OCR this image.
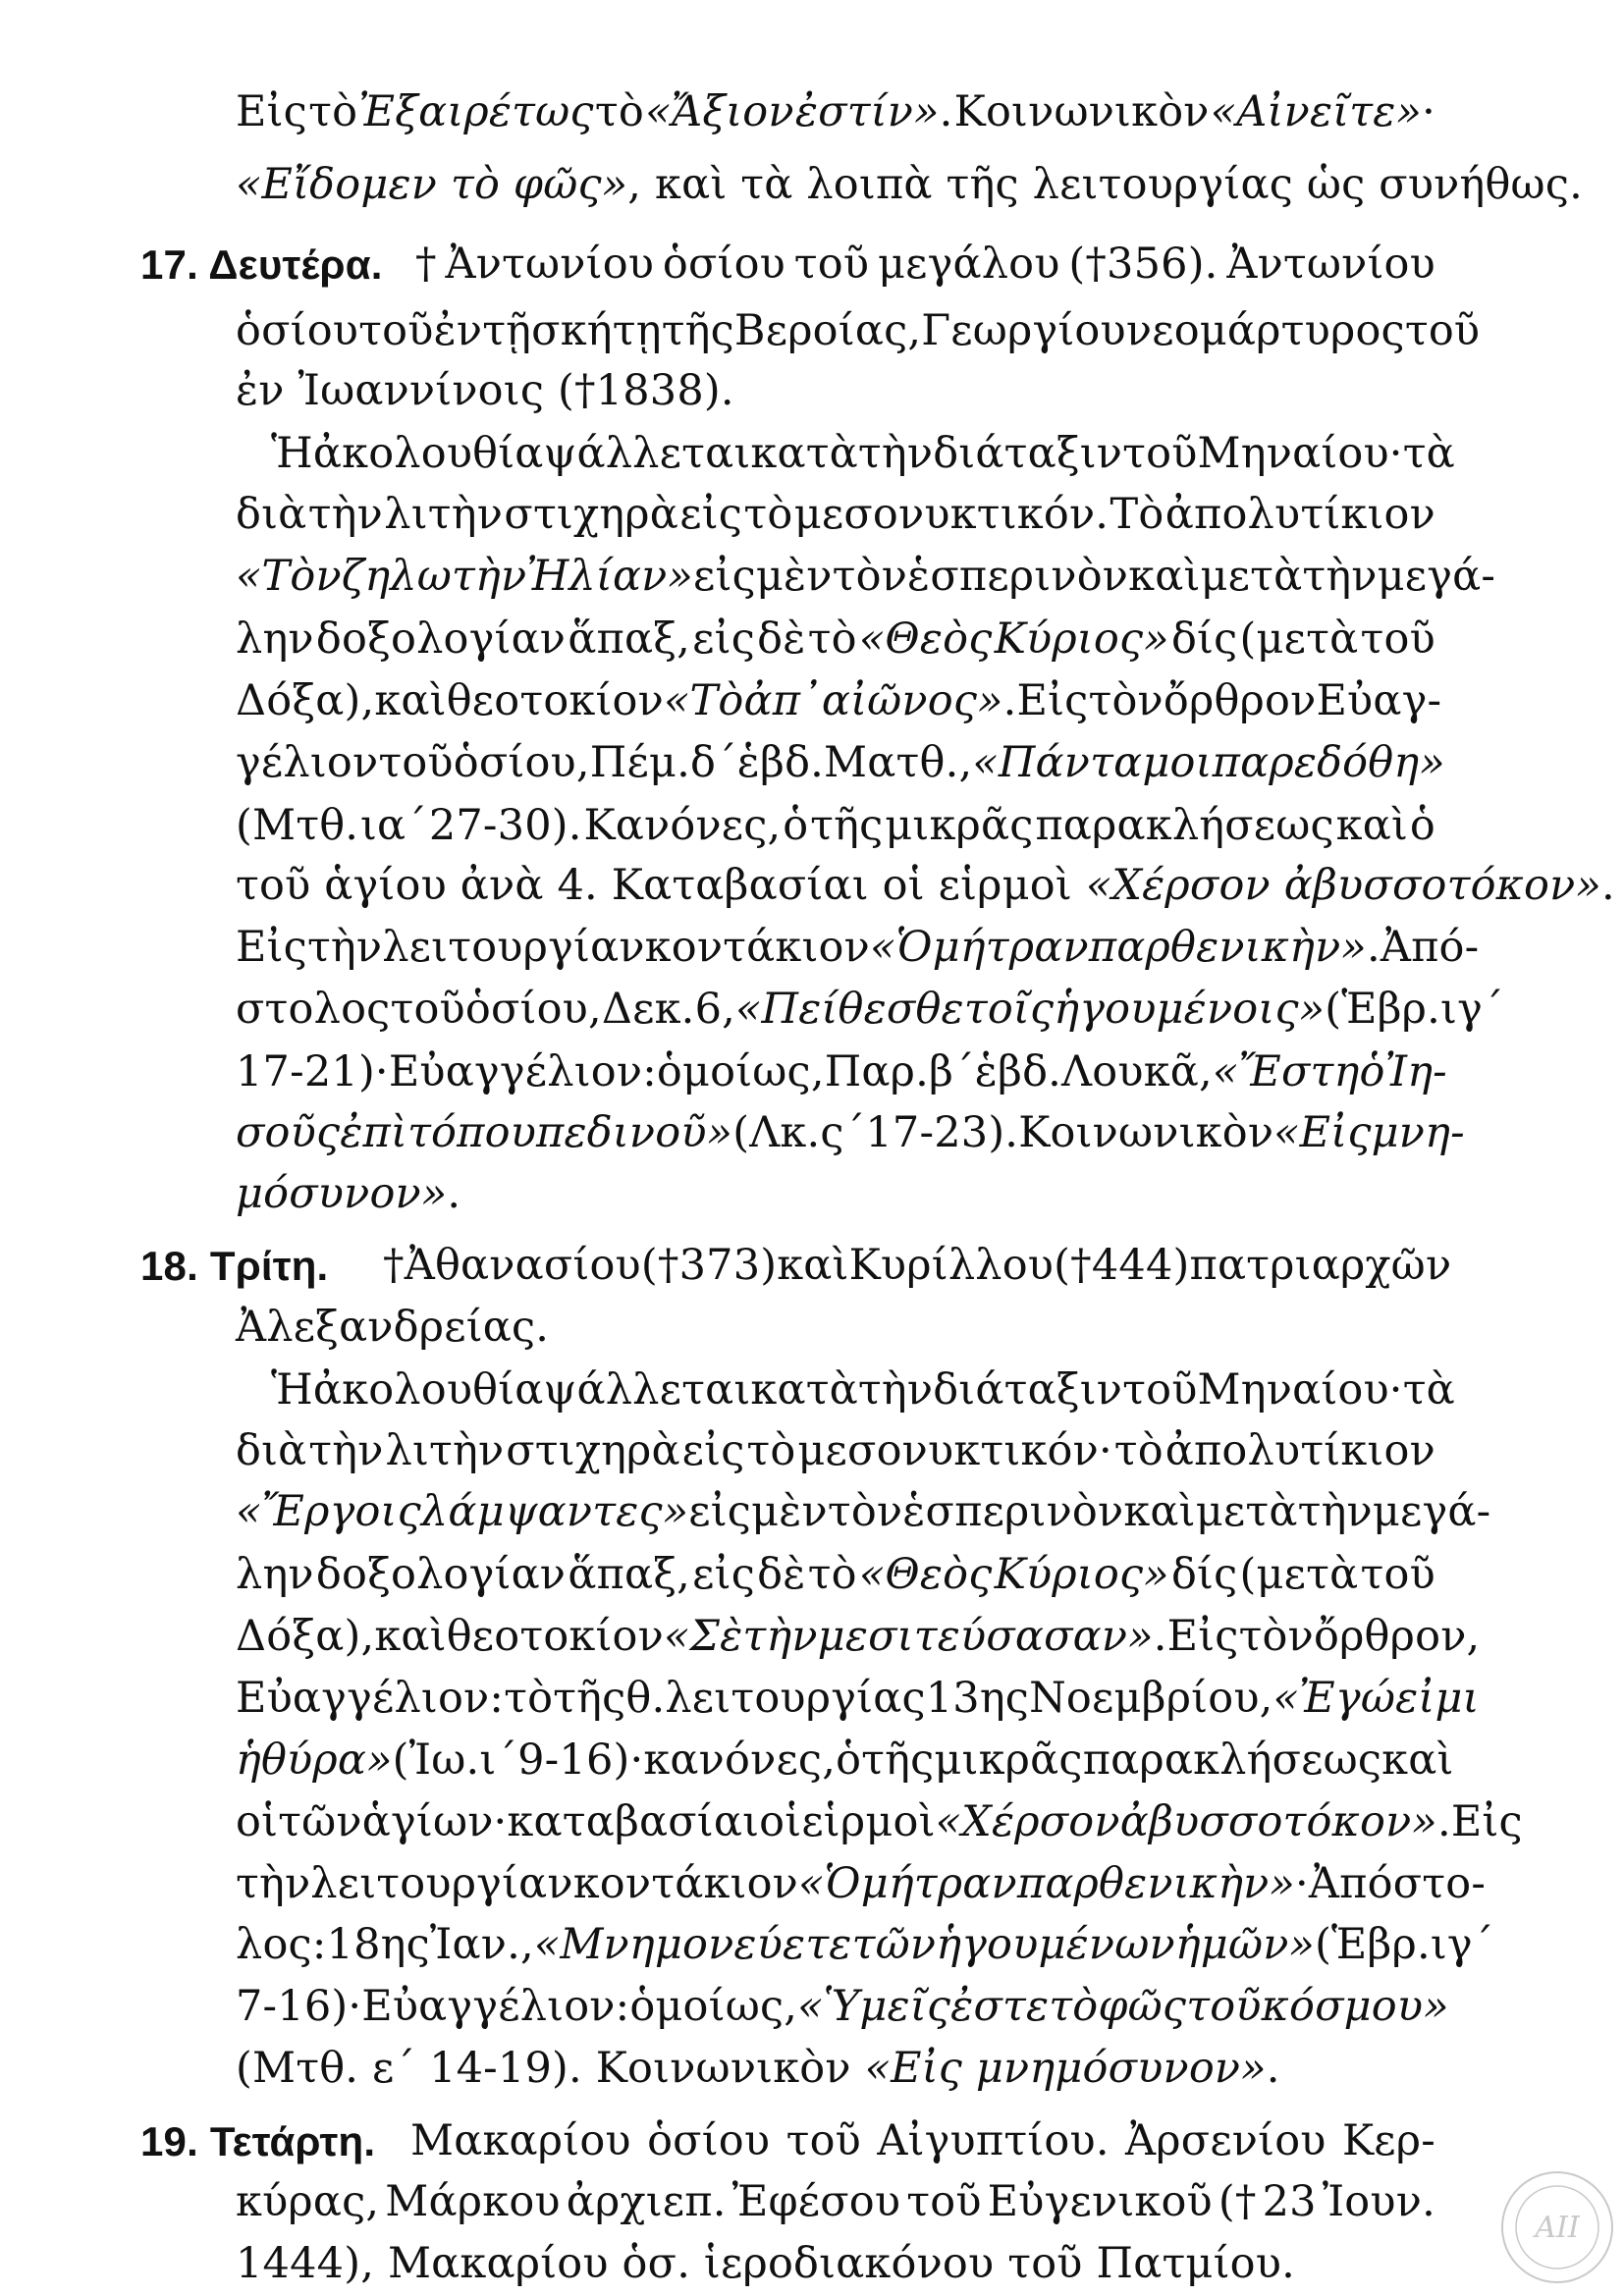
Εἰς τὸ Ἐξαιρέτως τὸ «Ἄξιον ἐστίν». Κοινωνικὸν «Αἰνεῖτε»·
«Εἴδομεν τὸ φῶς», καὶ τὰ λοιπὰ τῆς λειτουργίας ὡς συνήθως.
17. Δευτέρα. † Ἀντωνίου ὁσίου τοῦ μεγάλου (†356). Ἀντωνίου
ὁσίου τοῦ ἐν τῇ σκήτῃ τῆς Βεροίας, Γεωργίου νεομάρτυρος τοῦ
ἐν Ἰωαννίνοις (†1838).
Ἡ ἀκολουθία ψάλλεται κατὰ τὴν διάταξιν τοῦ Μηναίου· τὰ
διὰ τὴν λιτὴν στιχηρὰ εἰς τὸ μεσονυκτικόν. Τὸ ἀπολυτίκιον
«Τὸν ζηλωτὴν Ἠλίαν» εἰς μὲν τὸν ἑσπερινὸν καὶ μετὰ τὴν μεγά-
λην δοξολογίαν ἅπαξ, εἰς δὲ τὸ «Θεὸς Κύριος» δίς (μετὰ τοῦ
Δόξα), καὶ θεοτοκίον «Τὸ ἀπ᾽ αἰῶνος». Εἰς τὸν ὄρθρον Εὐαγ-
γέλιον τοῦ ὁσίου, Πέμ. δ΄ ἑβδ. Ματθ., «Πάντα μοι παρεδόθη»
(Μτθ. ια΄ 27-30). Κανόνες, ὁ τῆς μικρᾶς παρακλήσεως καὶ ὁ
τοῦ ἁγίου ἀνὰ 4. Καταβασίαι οἱ εἱρμοὶ «Χέρσον ἀβυσσοτόκον».
Εἰς τὴν λειτουργίαν κοντάκιον «Ὁ μήτραν παρθενικὴν». Ἀπό-
στολος τοῦ ὁσίου, Δεκ. 6, «Πείθεσθε τοῖς ἡγουμένοις» (Ἑβρ. ιγ΄
17-21)· Εὐαγγέλιον: ὁμοίως, Παρ. β΄ ἑβδ. Λουκᾶ, «Ἔστη ὁ Ἰη-
σοῦς ἐπὶ τόπου πεδινοῦ» (Λκ. ς΄ 17-23). Κοινωνικὸν «Εἰς μνη-
μόσυνον».
18. Τρίτη. † Ἀθανασίου (†373) καὶ Κυρίλλου (†444) πατριαρχῶν
Ἀλεξανδρείας.
Ἡ ἀκολουθία ψάλλεται κατὰ τὴν διάταξιν τοῦ Μηναίου· τὰ
διὰ τὴν λιτὴν στιχηρὰ εἰς τὸ μεσονυκτικόν· τὸ ἀπολυτίκιον
«Ἔργοις λάμψαντες» εἰς μὲν τὸν ἑσπερινὸν καὶ μετὰ τὴν μεγά-
λην δοξολογίαν ἅπαξ, εἰς δὲ τὸ «Θεὸς Κύριος» δίς (μετὰ τοῦ
Δόξα), καὶ θεοτοκίον «Σὲ τὴν μεσιτεύσασαν». Εἰς τὸν ὄρθρον,
Εὐαγγέλιον: τὸ τῆς θ. λειτουργίας 13ης Νοεμβρίου, «Ἐγώ εἰμι
ἡ θύρα» (Ἰω. ι΄ 9-16)· κανόνες, ὁ τῆς μικρᾶς παρακλήσεως καὶ
οἱ τῶν ἁγίων· καταβασίαι οἱ εἱρμοὶ «Χέρσον ἀβυσσοτόκον». Εἰς
τὴν λειτουργίαν κοντάκιον «Ὁ μήτραν παρθενικὴν»· Ἀπόστο-
λος: 18ης Ἰαν., «Μνημονεύετε τῶν ἡγουμένων ἡμῶν» (Ἑβρ. ιγ΄
7-16)· Εὐαγγέλιον: ὁμοίως, «Ὑμεῖς ἐστε τὸ φῶς τοῦ κόσμου»
(Μτθ. ε΄ 14-19). Κοινωνικὸν «Εἰς μνημόσυνον».
19. Τετάρτη. Μακαρίου ὁσίου τοῦ Αἰγυπτίου. Ἀρσενίου Κερ-
κύρας, Μάρκου ἀρχιεπ. Ἐφέσου τοῦ Εὐγενικοῦ († 23 Ἰουν.
1444), Μακαρίου ὁσ. ἱεροδιακόνου τοῦ Πατμίου.
ΑΙΙ
